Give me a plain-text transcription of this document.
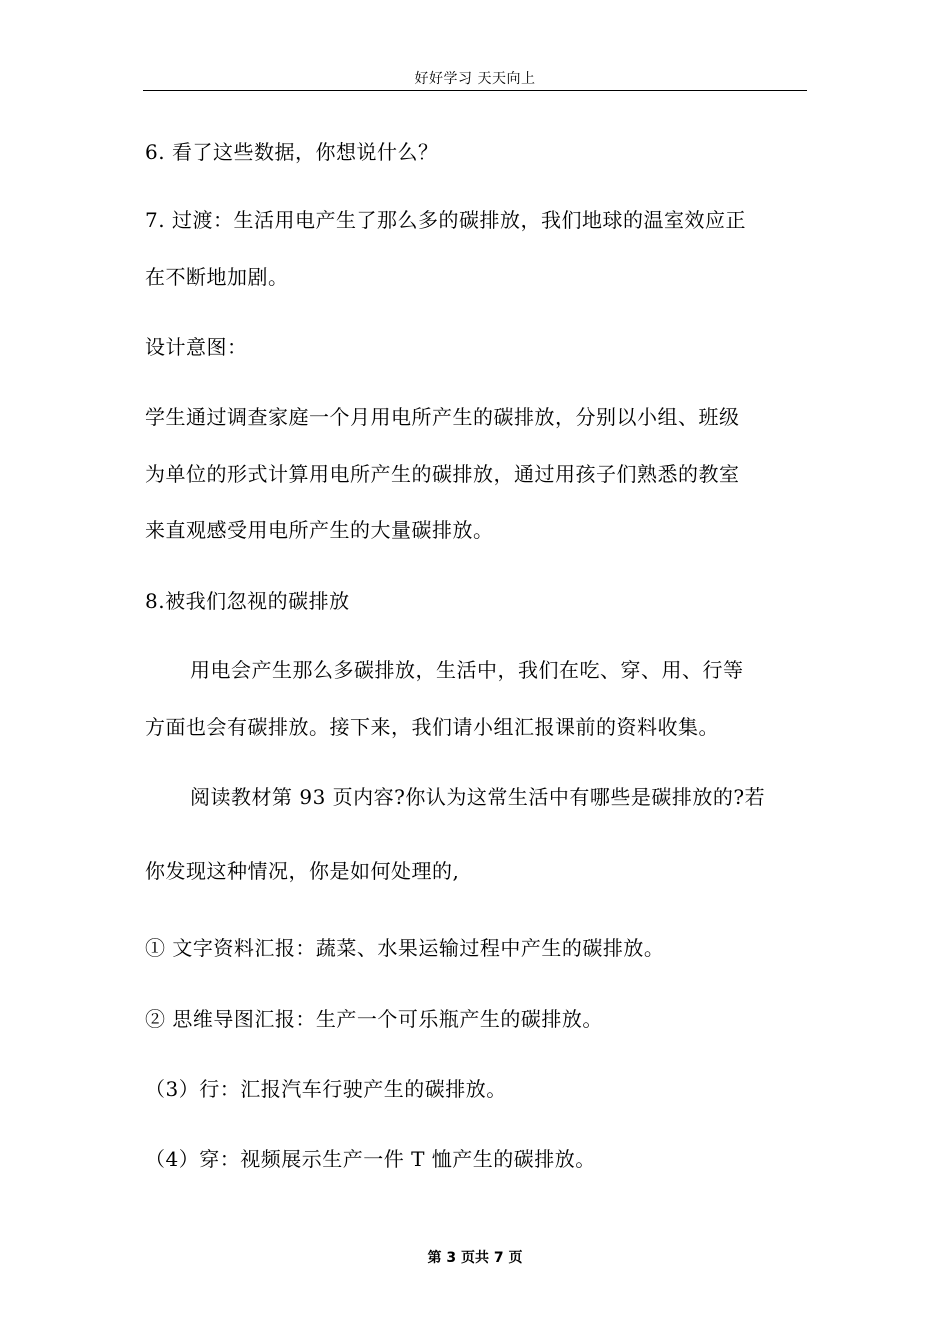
好好学习 天天向上
6. 看了这些数据，你想说什么？
7. 过渡：生活用电产生了那么多的碳排放，我们地球的温室效应正
在不断地加剧。
设计意图：
学生通过调查家庭一个月用电所产生的碳排放，分别以小组、班级
为单位的形式计算用电所产生的碳排放，通过用孩子们熟悉的教室
来直观感受用电所产生的大量碳排放。
8.被我们忽视的碳排放
用电会产生那么多碳排放，生活中，我们在吃、穿、用、行等
方面也会有碳排放。接下来，我们请小组汇报课前的资料收集。
阅读教材第 93 页内容?你认为这常生活中有哪些是碳排放的?若
你发现这种情况，你是如何处理的,
① 文字资料汇报：蔬菜、水果运输过程中产生的碳排放。
② 思维导图汇报：生产一个可乐瓶产生的碳排放。
（3）行：汇报汽车行驶产生的碳排放。
（4）穿：视频展示生产一件 T 恤产生的碳排放。
第 3 页共 7 页
